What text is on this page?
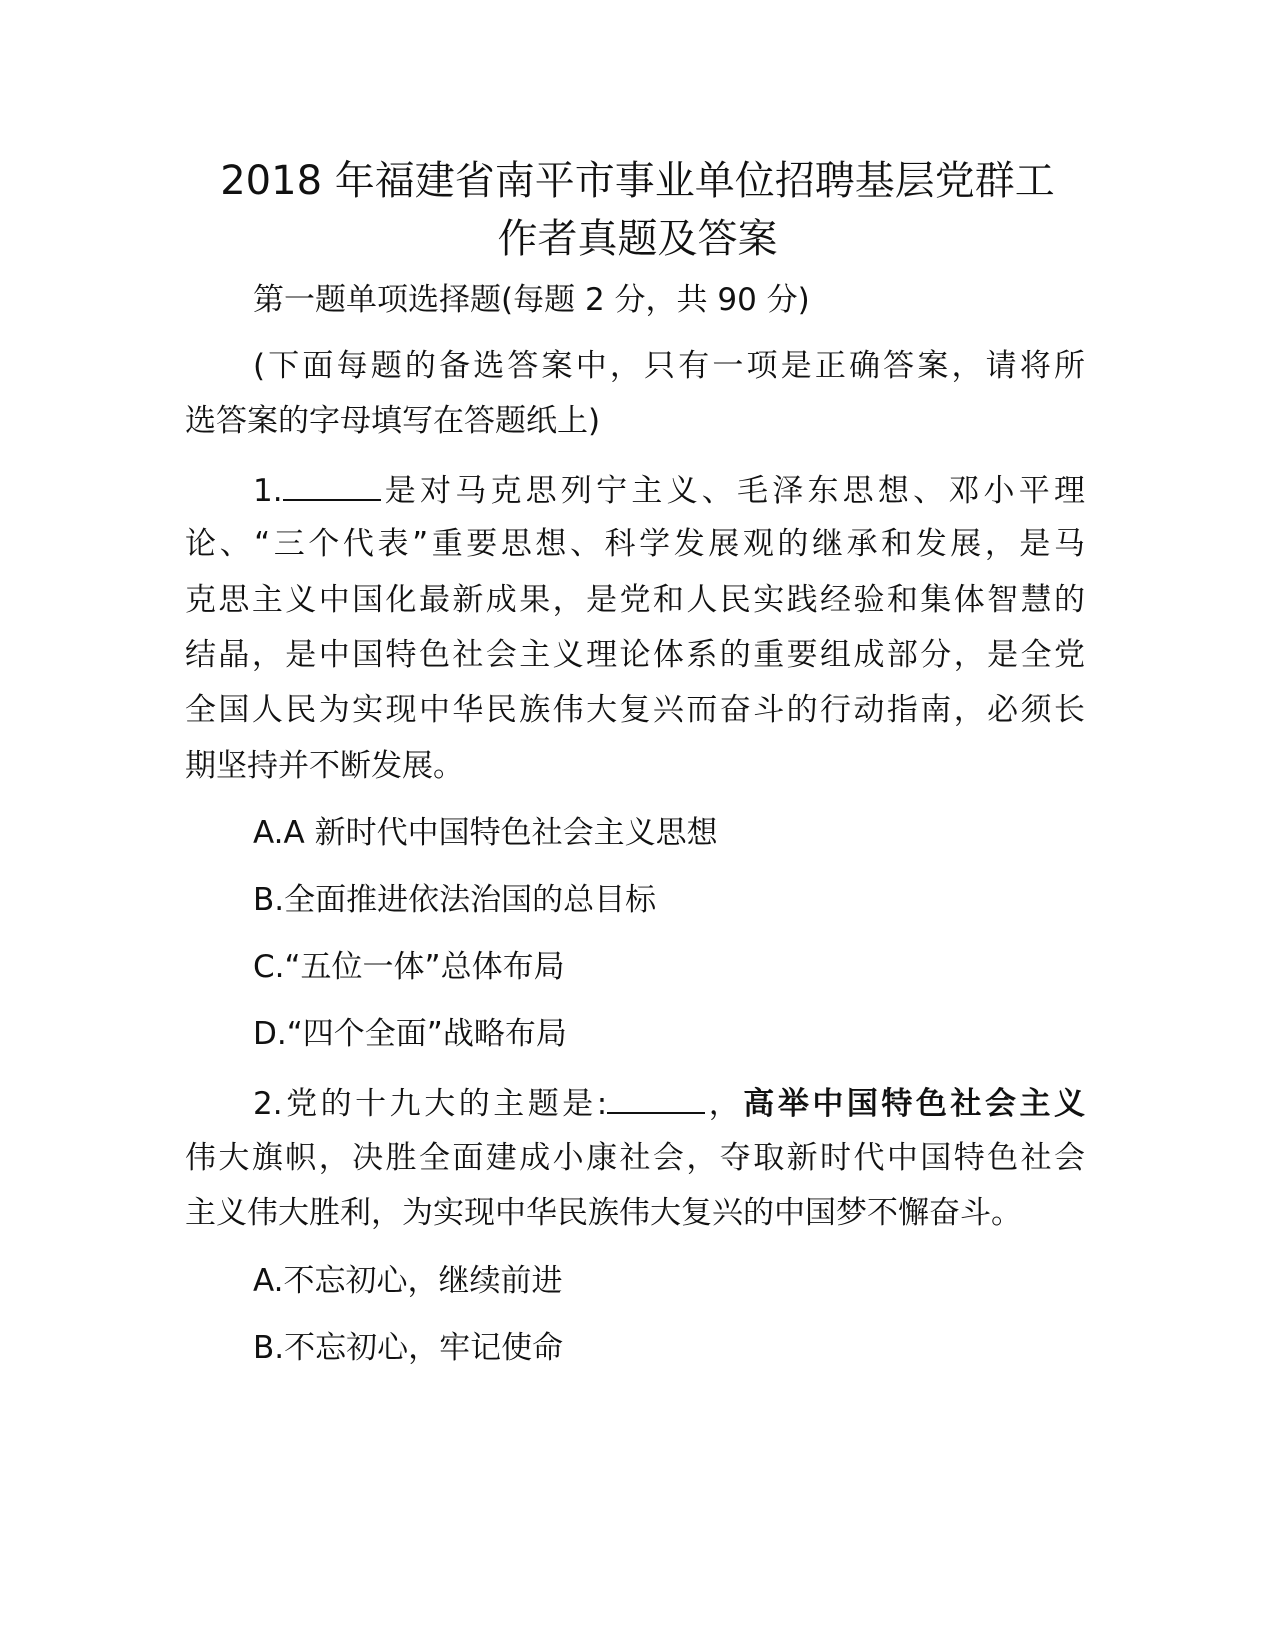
2018 年福建省南平市事业单位招聘基层党群工
作者真题及答案

第一题单项选择题(每题 2 分，共 90 分)

(下面每题的备选答案中，只有一项是正确答案，请将所

选答案的字母填写在答题纸上)

1.	是对马克思列宁主义、毛泽东思想、邓小平理

论、“三个代表”重要思想、科学发展观的继承和发展，是马

克思主义中国化最新成果，是党和人民实践经验和集体智慧的

结晶，是中国特色社会主义理论体系的重要组成部分，是全党

全国人民为实现中华民族伟大复兴而奋斗的行动指南，必须长

期坚持并不断发展。

A.A 新时代中国特色社会主义思想

B.全面推进依法治国的总目标

C.“五位一体”总体布局

D.“四个全面”战略布局

2.党的十九大的主题是:	，高举中国特色社会主义

伟大旗帜，决胜全面建成小康社会，夺取新时代中国特色社会

主义伟大胜利，为实现中华民族伟大复兴的中国梦不懈奋斗。

A.不忘初心，继续前进

B.不忘初心，牢记使命
